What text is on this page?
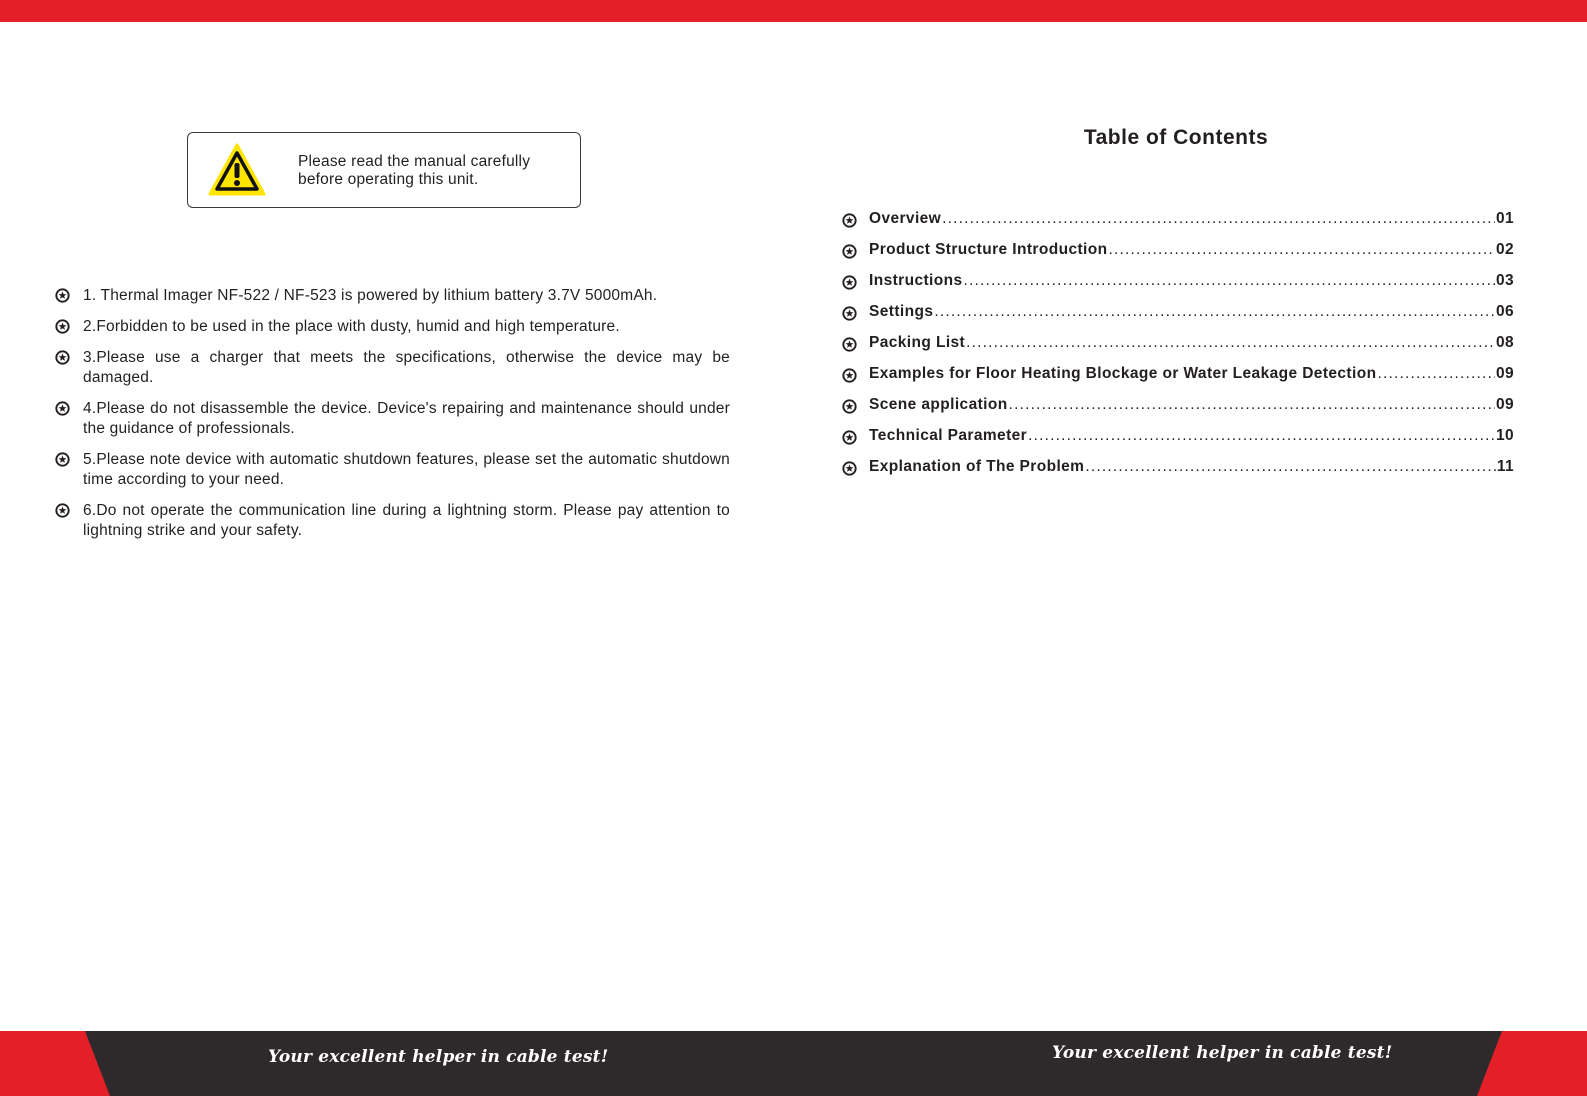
Please read the manual carefully
before operating this unit.
1. Thermal Imager NF-522 / NF-523 is powered by lithium battery 3.7V 5000mAh.
2.Forbidden to be used in the place with dusty, humid and high temperature.
3.Please use a charger that meets the specifications, otherwise the device may be damaged.
4.Please do not disassemble the device. Device's repairing and maintenance should under the guidance of professionals.
5.Please note device with automatic shutdown features, please set the automatic shutdown time according to your need.
6.Do not operate the communication line during a lightning storm. Please pay attention to lightning strike and your safety.
Table of Contents
Overview .....	01
Product Structure Introduction .....	02
Instructions .....	03
Settings .....	06
Packing List .....	08
Examples for Floor Heating Blockage or Water Leakage Detection .....	09
Scene application .....	09
Technical Parameter .....	10
Explanation of The Problem .....	11
Your excellent helper in cable test!	Your excellent helper in cable test!
